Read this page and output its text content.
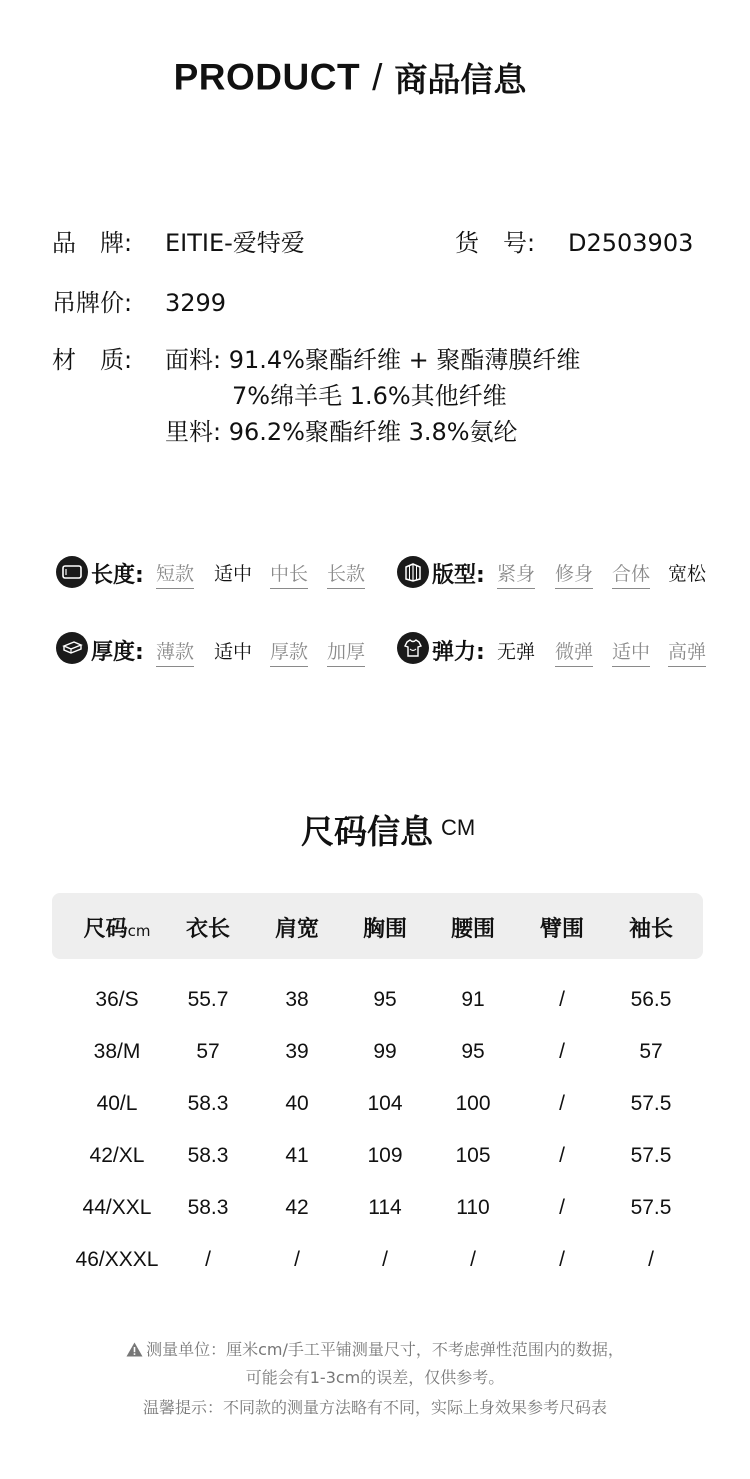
PRODUCT / 商品信息
品　牌: EITIE-爱特爱	货　号: D2503903
吊牌价: 3299
材　质: 面料: 91.4%聚酯纤维 + 聚酯薄膜纤维
7%绵羊毛 1.6%其他纤维
里料: 96.2%聚酯纤维 3.8%氨纶
长度: 短款 适中 中长 长款	版型: 紧身 修身 合体 宽松
厚度: 薄款 适中 厚款 加厚	弹力: 无弹 微弹 适中 高弹
尺码信息 $^{CM}$
尺码cm	衣长	肩宽	胸围	腰围	臂围	袖长
36/S	55.7	38	95	91	/	56.5
38/M	57	39	99	95	/	57
40/L	58.3	40	104	100	/	57.5
42/XL	58.3	41	109	105	/	57.5
44/XXL	58.3	42	114	110	/	57.5
46/XXXL	/	/	/	/	/	/
测量单位：厘米cm/手工平铺测量尺寸，不考虑弹性范围内的数据，
可能会有1-3cm的误差，仅供参考。
温馨提示：不同款的测量方法略有不同，实际上身效果参考尺码表
